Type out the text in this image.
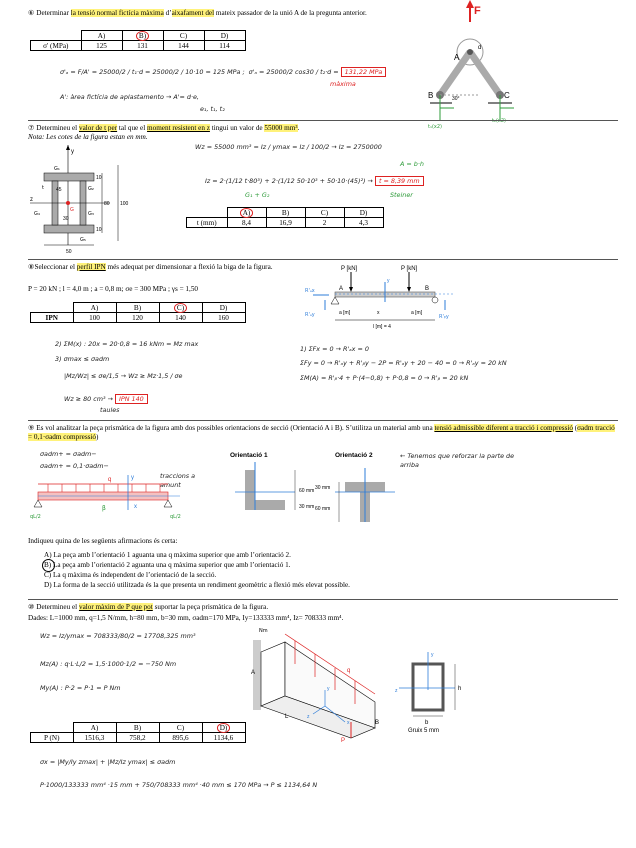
⑥ Determinar la tensió normal fictícia màxima d’aixafament del mateix passador de la unió A de la pregunta anterior.
	A)	B)	C)	D)
σ' (MPa)	125	131	144	114
σ'ₐ = F/A' = 25000/2 / t₁·d = 25000/2 / 10·10 = 125 MPa ;  σ'ₐ = 25000/2 cos30 / t₂·d = 131,22 MPa
màxima
A': àrea fictícia de aplastamento → A'= d·e,
e₁, t₁, t₂
F
A
d
B	C
30°
t₁(x2)
t₂(x2)
⑦ Determineu el valor de t per tal que el moment resistent en z tingui un valor de 55000 mm³.
Nota: Les cotes de la figura estan en mm.
y
z
10
10
45
80 100
30
50
G₁
G₂
G₃
G₄
G₅
t
G
Wz = 55000 mm³ = Iz / ymax = Iz / 100/2 → Iz = 2750000
A = b·h
Iz = 2·(1/12 t·80³) + 2·(1/12 50·10³ + 50·10·(45)²) → t = 8,39 mm
G₁ + G₂	Steiner
	A)	B)	C)	D)
t (mm)	8,4	16,9	2	4,3
⑧Seleccionar el perfil IPN més adequat per dimensionar a flexió la biga de la figura.
P = 20 kN ; l = 4,0 m ; a = 0,8 m; σe = 300 MPa ; γs = 1,50
	A)	B)	C)	D)
IPN	100	120	140	160
P [kN]	P [kN]
A	B
a [m]	a [m]
l [m] = 4
x
y
R'ₐx
R'ₐy	R'ᵦy
2) ΣM(x) : 20x = 20·0,8 = 16 kNm = Mz max
3) σmax ≤ σadm
|Mz/Wz| ≤ σe/1,5 → Wz ≥ Mz·1,5 / σe
Wz ≥ 80 cm³ → IPN 140
taules
1) ΣFx = 0 → R'ₐx = 0
ΣFy = 0 → R'ₐy + R'ᵦy − 2P = R'ₐy + 20 − 40 = 0 → R'ₐy = 20 kN
ΣM(A) = R'ᵦ·4 + P·(4−0,8) + P·0,8 = 0 → R'ᵦ = 20 kN
⑨ Es vol analitzar la peça prismàtica de la figura amb dos possibles orientacions de secció (Orientació A i B). S’utilitza un material amb una tensió admissible diferent a tracció i compressió (σadm tracció = 0,1·σadm compressió)
σadm+ = σadm−
σadm+ = 0,1·σadm−
traccions a amunt
← Tenemos que reforzar la parte de arriba
q	y
x
β
qL/2	qL/2
Orientació 1
60 mm
30 mm
Orientació 2
30 mm
60 mm
Indiqueu quina de les següents afirmacions és certa:
A) La peça amb l’orientació 1 aguanta una q màxima superior que amb l’orientació 2.
B) La peça amb l’orientació 2 aguanta una q màxima superior que amb l’orientació 1.
C) La q màxima és independent de l’orientació de la secció.
D) La forma de la secció utilitzada és la que presenta un rendiment geomètric a flexió més elevat possible.
⑩ Determineu el valor màxim de P que pot suportar la peça prismàtica de la figura.
Dades: L=1000 mm, q=1,5 N/mm, h=80 mm, b=30 mm, σadm=170 MPa, Iy=133333 mm⁴, Iz= 708333 mm⁴.
Wz = Iz/ymax = 708333/80/2 = 17708,325 mm³
Mz(A) : q·L·L/2 = 1,5·1000·1/2 = −750 Nm
My(A) : P·2 = P·1 = P Nm
A
B
q
P
L
x
y
z
Nm
y
z	h
b
Gruix 5 mm
	A)	B)	C)	D)
P (N)	1516,3	758,2	895,6	1134,6
σx = |My/Iy zmax| + |Mz/Iz ymax| ≤ σadm
P·1000/133333 mm⁴ ·15 mm + 750/708333 mm⁴ ·40 mm ≤ 170 MPa → P ≤ 1134,64 N
